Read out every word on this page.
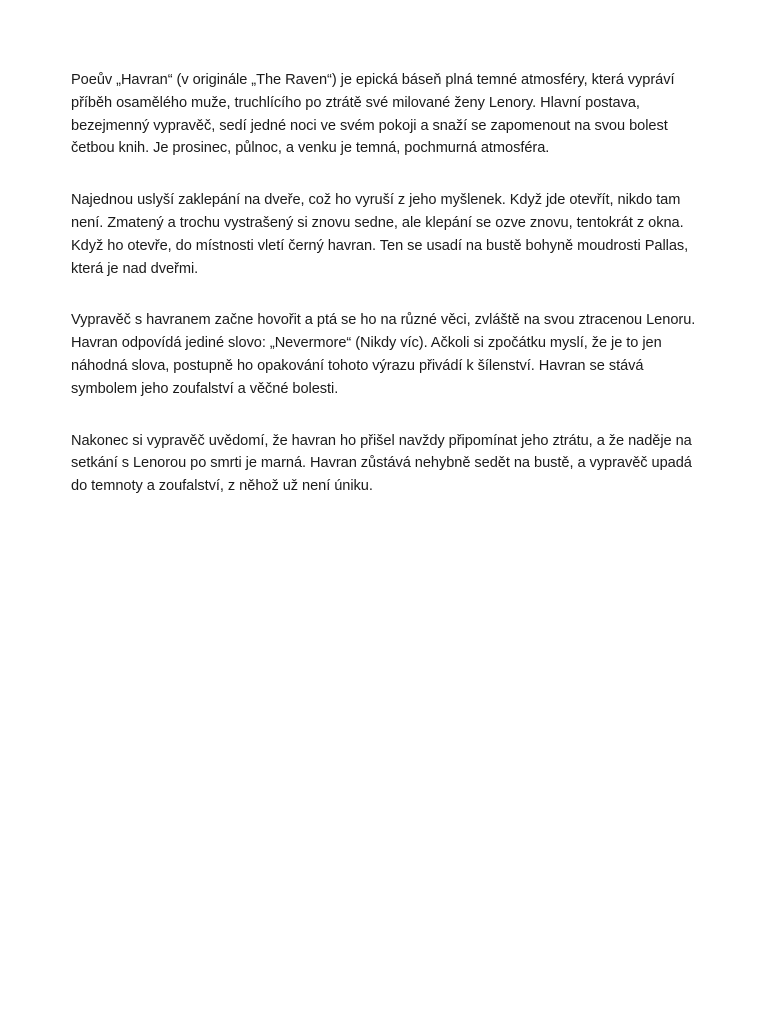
Poeův „Havran“ (v originále „The Raven“) je epická báseň plná temné atmosféry, která vypráví příběh osamělého muže, truchlícího po ztrátě své milované ženy Lenory. Hlavní postava, bezejmenný vypravěč, sedí jedné noci ve svém pokoji a snaží se zapomenout na svou bolest četbou knih. Je prosinec, půlnoc, a venku je temná, pochmurná atmosféra.

Najednou uslyší zaklepání na dveře, což ho vyruší z jeho myšlenek. Když jde otevřít, nikdo tam není. Zmatený a trochu vystrašený si znovu sedne, ale klepání se ozve znovu, tentokrát z okna. Když ho otevře, do místnosti vletí černý havran. Ten se usadí na bustě bohyně moudrosti Pallas, která je nad dveřmi.

Vypravěč s havranem začne hovořit a ptá se ho na různé věci, zvláště na svou ztracenou Lenoru. Havran odpovídá jediné slovo: „Nevermore“ (Nikdy víc). Ačkoli si zpočátku myslí, že je to jen náhodná slova, postupně ho opakování tohoto výrazu přivádí k šílenství. Havran se stává symbolem jeho zoufalství a věčné bolesti.

Nakonec si vypravěč uvědomí, že havran ho přišel navždy připomínat jeho ztrátu, a že naděje na setkání s Lenorou po smrti je marná. Havran zůstává nehybně sedět na bustě, a vypravěč upadá do temnoty a zoufalství, z něhož už není úniku.
